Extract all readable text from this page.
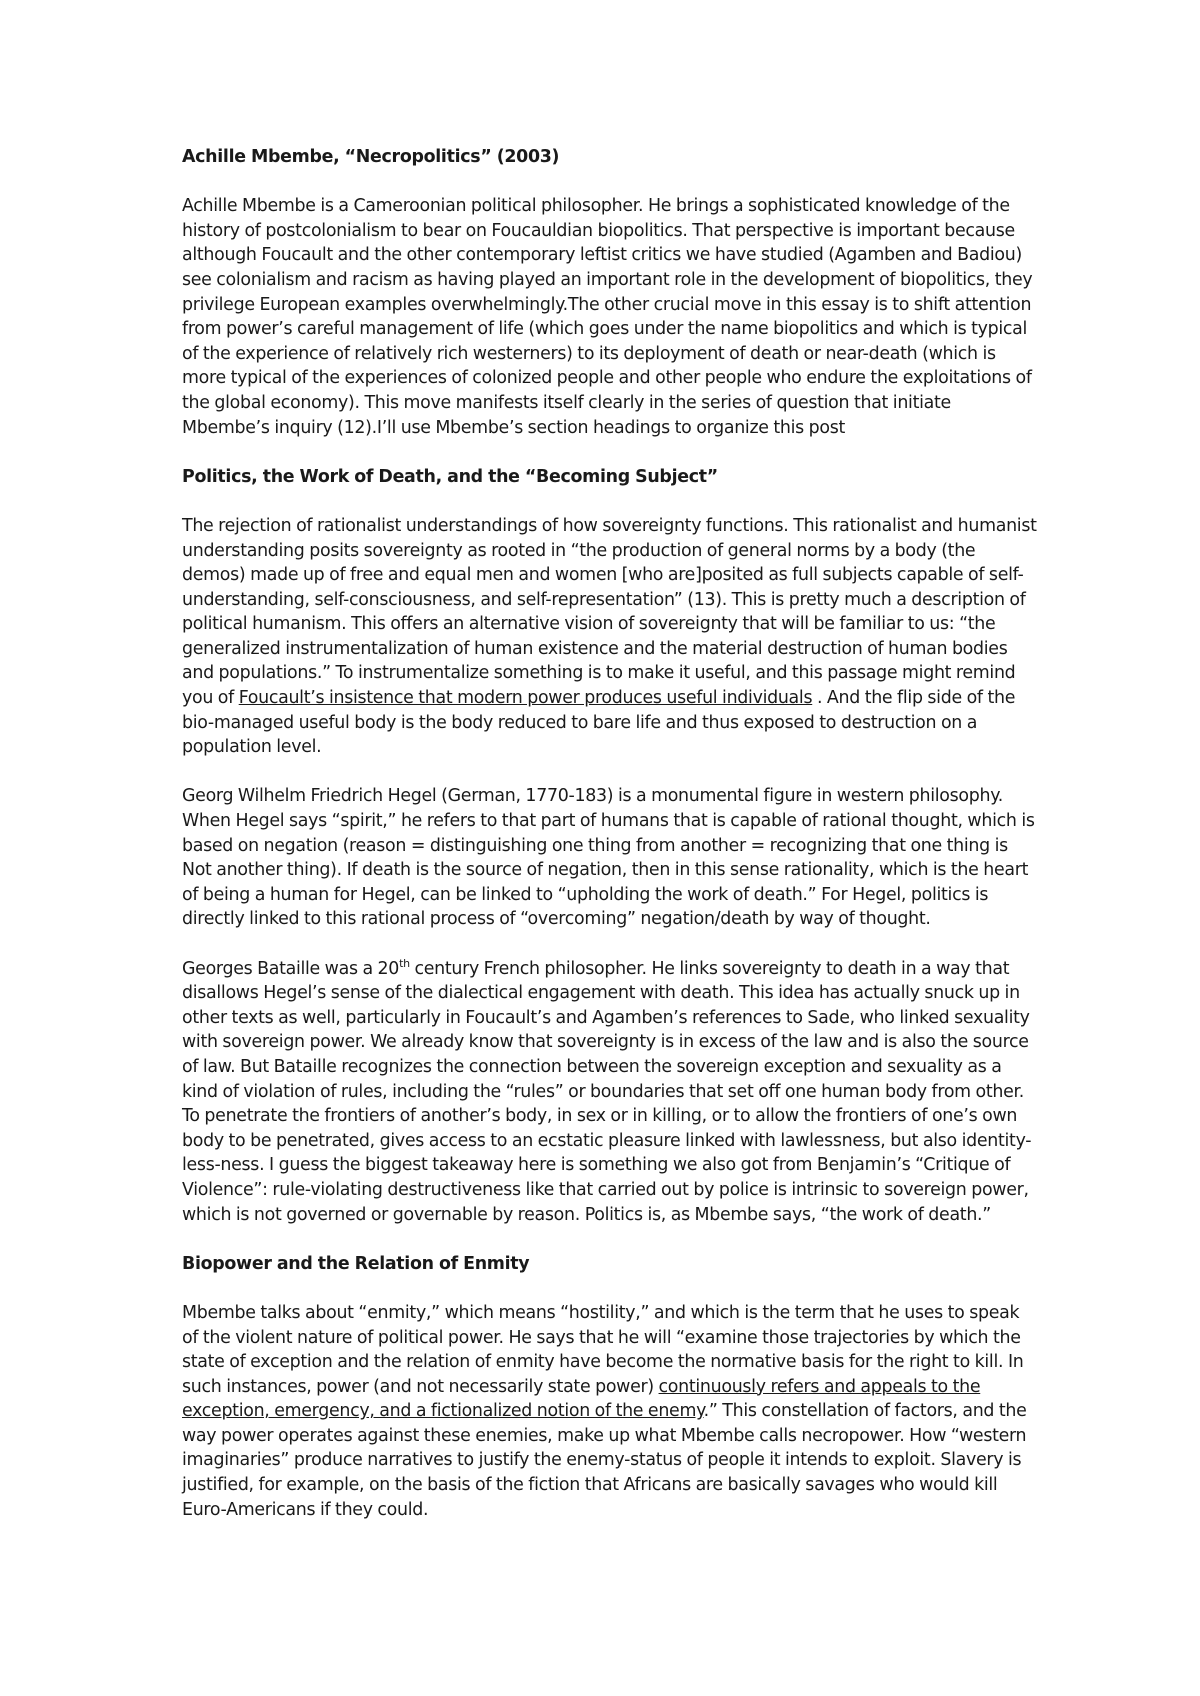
Achille Mbembe, “Necropolitics” (2003)

Achille Mbembe is a Cameroonian political philosopher. He brings a sophisticated knowledge of the history of postcolonialism to bear on Foucauldian biopolitics. That perspective is important because although Foucault and the other contemporary leftist critics we have studied (Agamben and Badiou) see colonialism and racism as having played an important role in the development of biopolitics, they privilege European examples overwhelmingly.The other crucial move in this essay is to shift attention from power’s careful management of life (which goes under the name biopolitics and which is typical of the experience of relatively rich westerners) to its deployment of death or near-death (which is more typical of the experiences of colonized people and other people who endure the exploitations of the global economy). This move manifests itself clearly in the series of question that initiate Mbembe’s inquiry (12).I’ll use Mbembe’s section headings to organize this post

Politics, the Work of Death, and the “Becoming Subject”

The rejection of rationalist understandings of how sovereignty functions. This rationalist and humanist understanding posits sovereignty as rooted in “the production of general norms by a body (the demos) made up of free and equal men and women [who are]posited as full subjects capable of self-understanding, self-consciousness, and self-representation” (13). This is pretty much a description of political humanism. This offers an alternative vision of sovereignty that will be familiar to us: “the generalized instrumentalization of human existence and the material destruction of human bodies and populations.” To instrumentalize something is to make it useful, and this passage might remind you of Foucault’s insistence that modern power produces useful individuals . And the flip side of the bio-managed useful body is the body reduced to bare life and thus exposed to destruction on a population level.

Georg Wilhelm Friedrich Hegel (German, 1770-183) is a monumental figure in western philosophy. When Hegel says “spirit,” he refers to that part of humans that is capable of rational thought, which is based on negation (reason = distinguishing one thing from another = recognizing that one thing is Not another thing). If death is the source of negation, then in this sense rationality, which is the heart of being a human for Hegel, can be linked to “upholding the work of death.” For Hegel, politics is directly linked to this rational process of “overcoming” negation/death by way of thought.

Georges Bataille was a 20th century French philosopher. He links sovereignty to death in a way that disallows Hegel’s sense of the dialectical engagement with death. This idea has actually snuck up in other texts as well, particularly in Foucault’s and Agamben’s references to Sade, who linked sexuality with sovereign power. We already know that sovereignty is in excess of the law and is also the source of law. But Bataille recognizes the connection between the sovereign exception and sexuality as a kind of violation of rules, including the “rules” or boundaries that set off one human body from other. To penetrate the frontiers of another’s body, in sex or in killing, or to allow the frontiers of one’s own body to be penetrated, gives access to an ecstatic pleasure linked with lawlessness, but also identity-less-ness. I guess the biggest takeaway here is something we also got from Benjamin’s “Critique of Violence”: rule-violating destructiveness like that carried out by police is intrinsic to sovereign power, which is not governed or governable by reason. Politics is, as Mbembe says, “the work of death.”

Biopower and the Relation of Enmity

Mbembe talks about “enmity,” which means “hostility,” and which is the term that he uses to speak of the violent nature of political power. He says that he will “examine those trajectories by which the state of exception and the relation of enmity have become the normative basis for the right to kill. In such instances, power (and not necessarily state power) continuously refers and appeals to the exception, emergency, and a fictionalized notion of the enemy.” This constellation of factors, and the way power operates against these enemies, make up what Mbembe calls necropower. How “western imaginaries” produce narratives to justify the enemy-status of people it intends to exploit. Slavery is justified, for example, on the basis of the fiction that Africans are basically savages who would kill Euro-Americans if they could.
